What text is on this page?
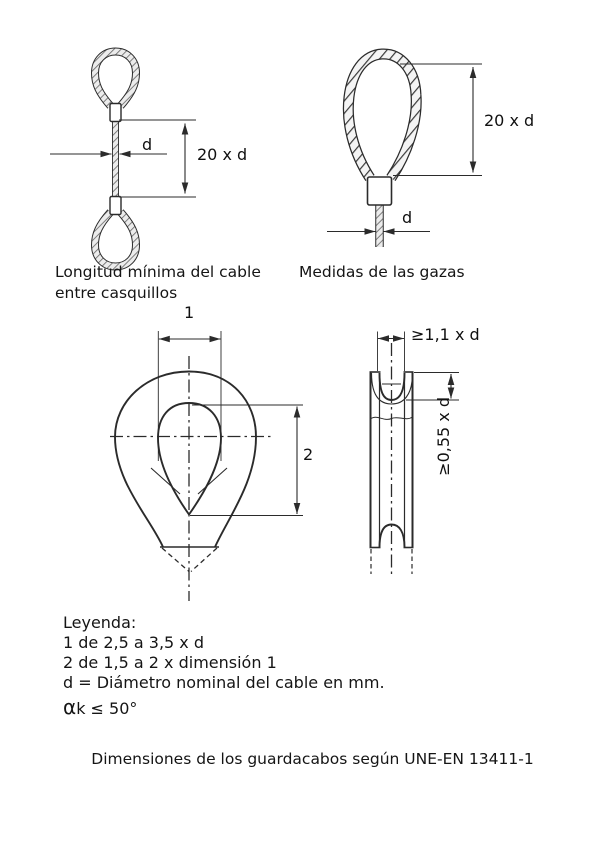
d
20 x d
20 x d
d
1
2
≥1,1 x d
≥0,55 x d
Longitud mínima del cable
entre casquillos
Medidas de las gazas
Leyenda:
1 de 2,5 a 3,5 x d
2 de 1,5 a 2 x dimensión 1
d = Diámetro nominal del cable en mm.
αk ≤ 50°
Dimensiones de los guardacabos según UNE-EN 13411-1
